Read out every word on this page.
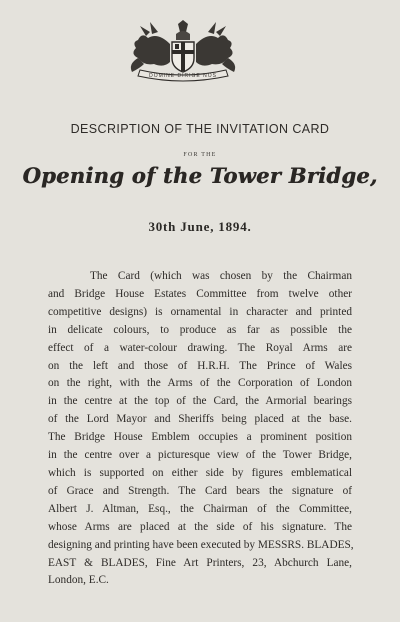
DOMINE DIRIGE NOS
DESCRIPTION OF THE INVITATION CARD
FOR THE
Opening of the Tower Bridge,
30th June, 1894.
The Card (which was chosen by the Chairman
and Bridge House Estates Committee from twelve other
competitive designs) is ornamental in character and printed
in delicate colours, to produce as far as possible the
effect of a water-colour drawing. The Royal Arms are
on the left and those of H.R.H. The Prince of Wales
on the right, with the Arms of the Corporation of London
in the centre at the top of the Card, the Armorial bearings
of the Lord Mayor and Sheriffs being placed at the base.
The Bridge House Emblem occupies a prominent position
in the centre over a picturesque view of the Tower Bridge,
which is supported on either side by figures emblematical
of Grace and Strength. The Card bears the signature of
Albert J. Altman, Esq., the Chairman of the Committee,
whose Arms are placed at the side of his signature. The
designing and printing have been executed by MESSRS. BLADES,
EAST & BLADES, Fine Art Printers, 23, Abchurch Lane,
London, E.C.
